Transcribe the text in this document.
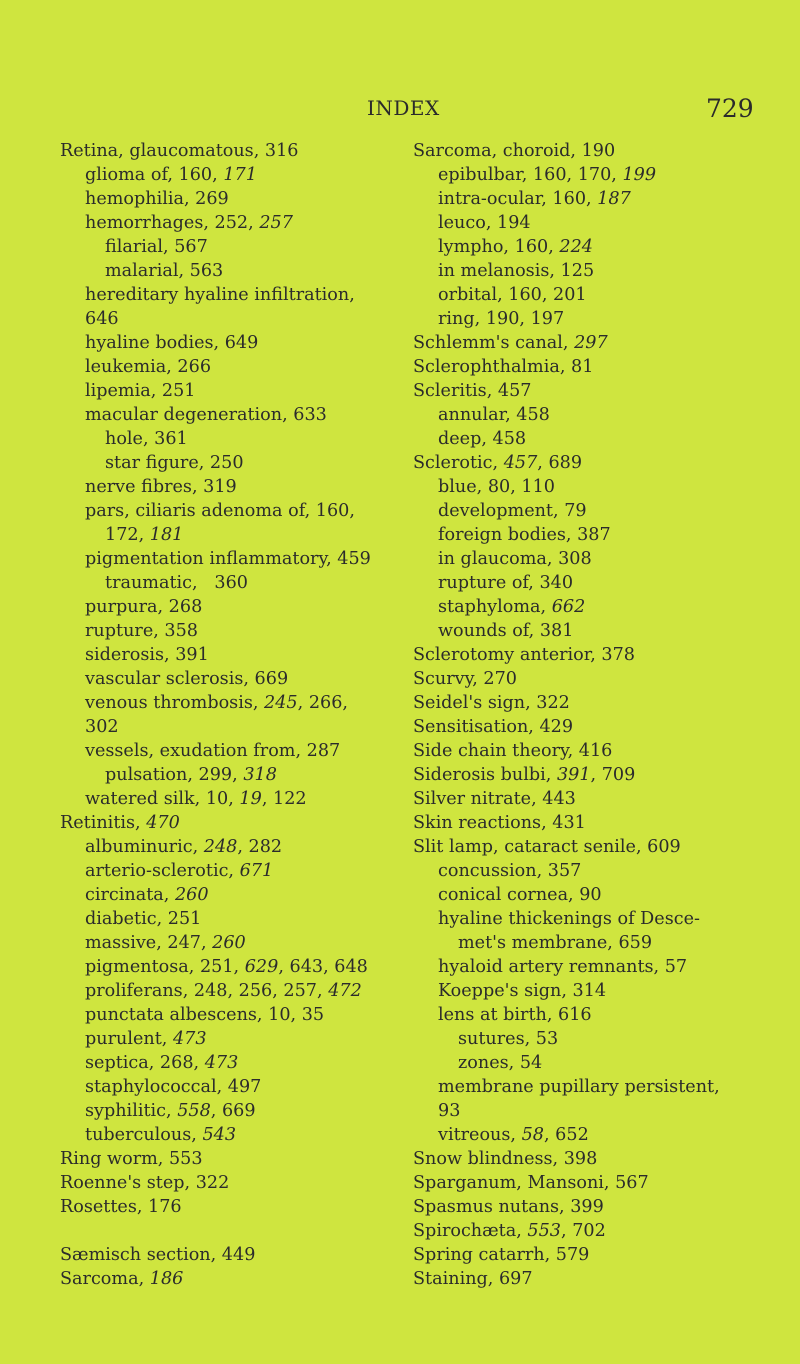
INDEX	729
Retina, glaucomatous, 316
glioma of, 160, 171
hemophilia, 269
hemorrhages, 252, 257
filarial, 567
malarial, 563
hereditary hyaline infiltration,
646
hyaline bodies, 649
leukemia, 266
lipemia, 251
macular degeneration, 633
hole, 361
star figure, 250
nerve fibres, 319
pars, ciliaris adenoma of, 160,
172, 181
pigmentation inflammatory, 459
traumatic,   360
purpura, 268
rupture, 358
siderosis, 391
vascular sclerosis, 669
venous thrombosis, 245, 266,
302
vessels, exudation from, 287
pulsation, 299, 318
watered silk, 10, 19, 122
Retinitis, 470
albuminuric, 248, 282
arterio-sclerotic, 671
circinata, 260
diabetic, 251
massive, 247, 260
pigmentosa, 251, 629, 643, 648
proliferans, 248, 256, 257, 472
punctata albescens, 10, 35
purulent, 473
septica, 268, 473
staphylococcal, 497
syphilitic, 558, 669
tuberculous, 543
Ring worm, 553
Roenne's step, 322
Rosettes, 176
Sæmisch section, 449
Sarcoma, 186
Sarcoma, choroid, 190
epibulbar, 160, 170, 199
intra-ocular, 160, 187
leuco, 194
lympho, 160, 224
in melanosis, 125
orbital, 160, 201
ring, 190, 197
Schlemm's canal, 297
Sclerophthalmia, 81
Scleritis, 457
annular, 458
deep, 458
Sclerotic, 457, 689
blue, 80, 110
development, 79
foreign bodies, 387
in glaucoma, 308
rupture of, 340
staphyloma, 662
wounds of, 381
Sclerotomy anterior, 378
Scurvy, 270
Seidel's sign, 322
Sensitisation, 429
Side chain theory, 416
Siderosis bulbi, 391, 709
Silver nitrate, 443
Skin reactions, 431
Slit lamp, cataract senile, 609
concussion, 357
conical cornea, 90
hyaline thickenings of Desce-
met's membrane, 659
hyaloid artery remnants, 57
Koeppe's sign, 314
lens at birth, 616
sutures, 53
zones, 54
membrane pupillary persistent,
93
vitreous, 58, 652
Snow blindness, 398
Sparganum, Mansoni, 567
Spasmus nutans, 399
Spirochæta, 553, 702
Spring catarrh, 579
Staining, 697
